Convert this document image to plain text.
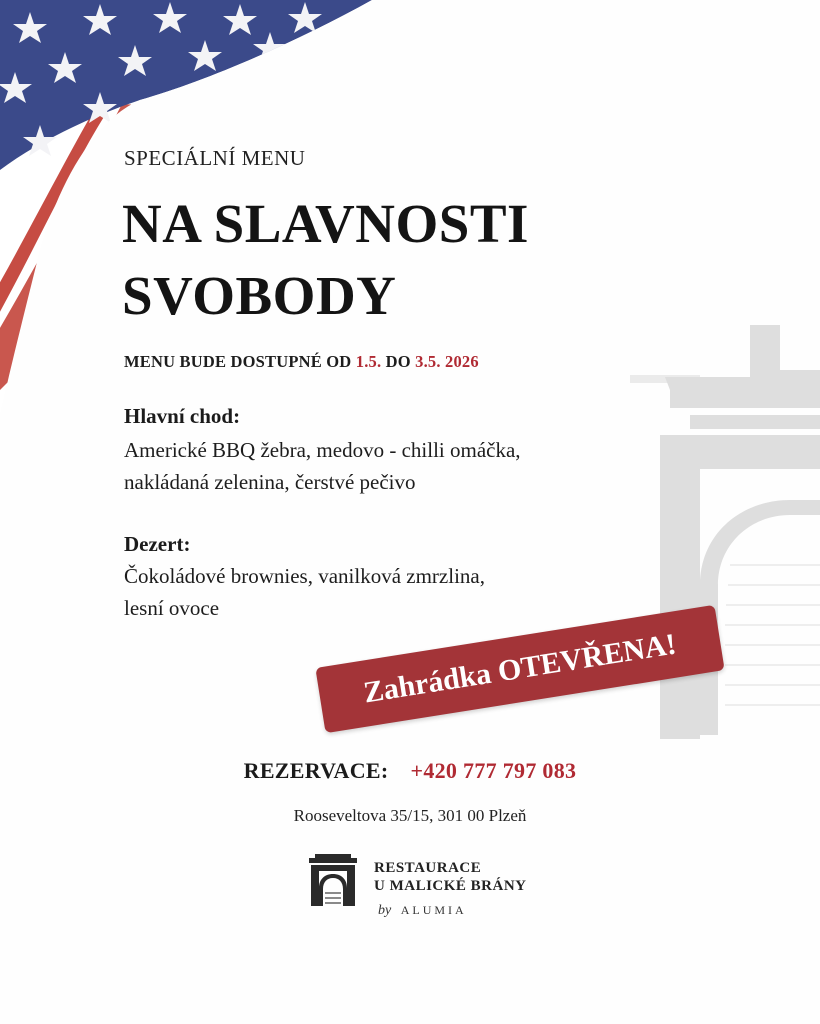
SPECIÁLNÍ MENU
NA SLAVNOSTI
SVOBODY
MENU BUDE DOSTUPNÉ OD 1.5. DO 3.5. 2026
Hlavní chod:
Americké BBQ žebra, medovo - chilli omáčka,
nakládaná zelenina, čerstvé pečivo
Dezert:
Čokoládové brownies, vanilková zmrzlina,
lesní ovoce
Zahrádka OTEVŘENA!
REZERVACE: +420 777 797 083
Rooseveltova 35/15, 301 00 Plzeň
RESTAURACE
U MALICKÉ BRÁNY
by ALUMIA
